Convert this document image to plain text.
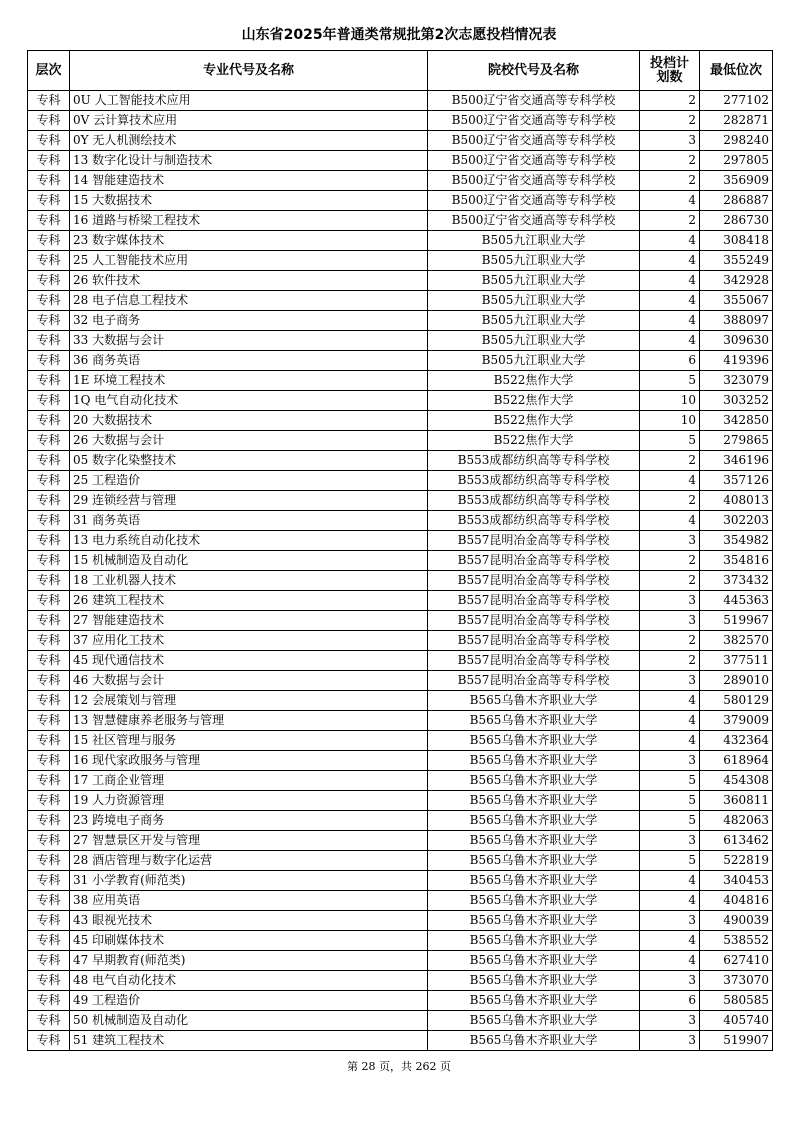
山东省2025年普通类常规批第2次志愿投档情况表
层次	专业代号及名称	院校代号及名称	投档计划数	最低位次
专科	0U 人工智能技术应用	B500辽宁省交通高等专科学校	2	277102
专科	0V 云计算技术应用	B500辽宁省交通高等专科学校	2	282871
专科	0Y 无人机测绘技术	B500辽宁省交通高等专科学校	3	298240
专科	13 数字化设计与制造技术	B500辽宁省交通高等专科学校	2	297805
专科	14 智能建造技术	B500辽宁省交通高等专科学校	2	356909
专科	15 大数据技术	B500辽宁省交通高等专科学校	4	286887
专科	16 道路与桥梁工程技术	B500辽宁省交通高等专科学校	2	286730
专科	23 数字媒体技术	B505九江职业大学	4	308418
专科	25 人工智能技术应用	B505九江职业大学	4	355249
专科	26 软件技术	B505九江职业大学	4	342928
专科	28 电子信息工程技术	B505九江职业大学	4	355067
专科	32 电子商务	B505九江职业大学	4	388097
专科	33 大数据与会计	B505九江职业大学	4	309630
专科	36 商务英语	B505九江职业大学	6	419396
专科	1E 环境工程技术	B522焦作大学	5	323079
专科	1Q 电气自动化技术	B522焦作大学	10	303252
专科	20 大数据技术	B522焦作大学	10	342850
专科	26 大数据与会计	B522焦作大学	5	279865
专科	05 数字化染整技术	B553成都纺织高等专科学校	2	346196
专科	25 工程造价	B553成都纺织高等专科学校	4	357126
专科	29 连锁经营与管理	B553成都纺织高等专科学校	2	408013
专科	31 商务英语	B553成都纺织高等专科学校	4	302203
专科	13 电力系统自动化技术	B557昆明冶金高等专科学校	3	354982
专科	15 机械制造及自动化	B557昆明冶金高等专科学校	2	354816
专科	18 工业机器人技术	B557昆明冶金高等专科学校	2	373432
专科	26 建筑工程技术	B557昆明冶金高等专科学校	3	445363
专科	27 智能建造技术	B557昆明冶金高等专科学校	3	519967
专科	37 应用化工技术	B557昆明冶金高等专科学校	2	382570
专科	45 现代通信技术	B557昆明冶金高等专科学校	2	377511
专科	46 大数据与会计	B557昆明冶金高等专科学校	3	289010
专科	12 会展策划与管理	B565乌鲁木齐职业大学	4	580129
专科	13 智慧健康养老服务与管理	B565乌鲁木齐职业大学	4	379009
专科	15 社区管理与服务	B565乌鲁木齐职业大学	4	432364
专科	16 现代家政服务与管理	B565乌鲁木齐职业大学	3	618964
专科	17 工商企业管理	B565乌鲁木齐职业大学	5	454308
专科	19 人力资源管理	B565乌鲁木齐职业大学	5	360811
专科	23 跨境电子商务	B565乌鲁木齐职业大学	5	482063
专科	27 智慧景区开发与管理	B565乌鲁木齐职业大学	3	613462
专科	28 酒店管理与数字化运营	B565乌鲁木齐职业大学	5	522819
专科	31 小学教育(师范类)	B565乌鲁木齐职业大学	4	340453
专科	38 应用英语	B565乌鲁木齐职业大学	4	404816
专科	43 眼视光技术	B565乌鲁木齐职业大学	3	490039
专科	45 印刷媒体技术	B565乌鲁木齐职业大学	4	538552
专科	47 早期教育(师范类)	B565乌鲁木齐职业大学	4	627410
专科	48 电气自动化技术	B565乌鲁木齐职业大学	3	373070
专科	49 工程造价	B565乌鲁木齐职业大学	6	580585
专科	50 机械制造及自动化	B565乌鲁木齐职业大学	3	405740
专科	51 建筑工程技术	B565乌鲁木齐职业大学	3	519907
第 28 页，共 262 页
